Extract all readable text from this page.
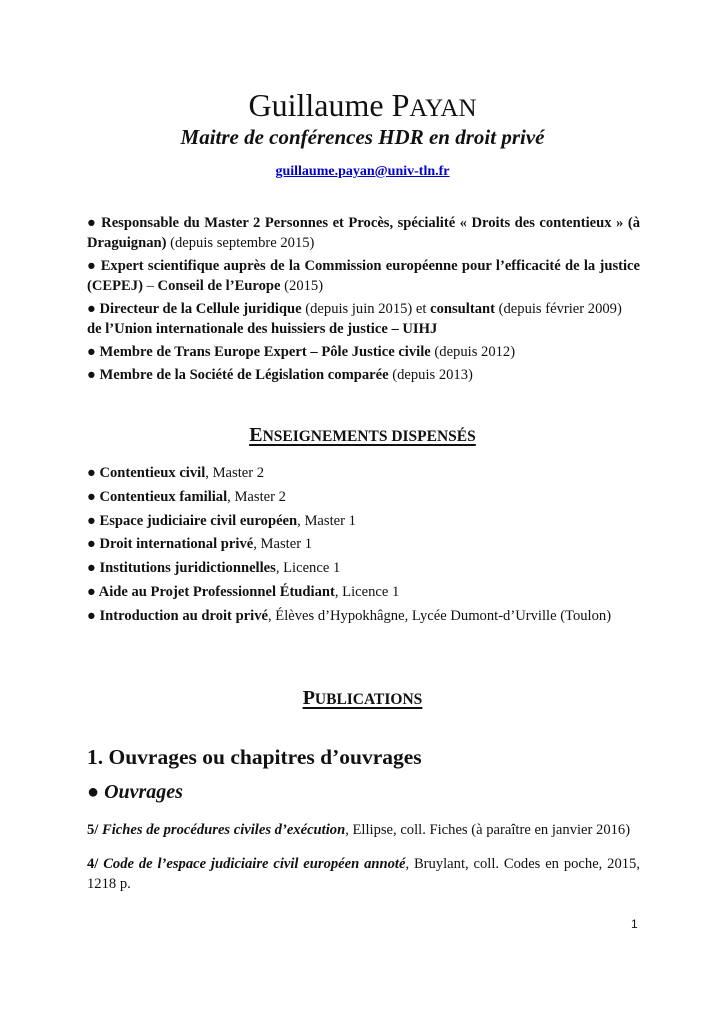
Guillaume PAYAN
Maitre de conférences HDR en droit privé
guillaume.payan@univ-tln.fr

● Responsable du Master 2 Personnes et Procès, spécialité « Droits des contentieux » (à Draguignan) (depuis septembre 2015)

● Expert scientifique auprès de la Commission européenne pour l’efficacité de la justice (CEPEJ) – Conseil de l’Europe (2015)

● Directeur de la Cellule juridique (depuis juin 2015) et consultant (depuis février 2009)

de l’Union internationale des huissiers de justice – UIHJ

● Membre de Trans Europe Expert – Pôle Justice civile (depuis 2012)

● Membre de la Société de Législation comparée (depuis 2013)

ENSEIGNEMENTS DISPENSÉS

● Contentieux civil, Master 2

● Contentieux familial, Master 2

● Espace judiciaire civil européen, Master 1

● Droit international privé, Master 1

● Institutions juridictionnelles, Licence 1

● Aide au Projet Professionnel Étudiant, Licence 1

● Introduction au droit privé, Élèves d’Hypokhâgne, Lycée Dumont-d’Urville (Toulon)

PUBLICATIONS
1. Ouvrages ou chapitres d’ouvrages
● Ouvrages

5/ Fiches de procédures civiles d’exécution, Ellipse, coll. Fiches (à paraître en janvier 2016)

4/ Code de l’espace judiciaire civil européen annoté, Bruylant, coll. Codes en poche, 2015, 1218 p.

1
